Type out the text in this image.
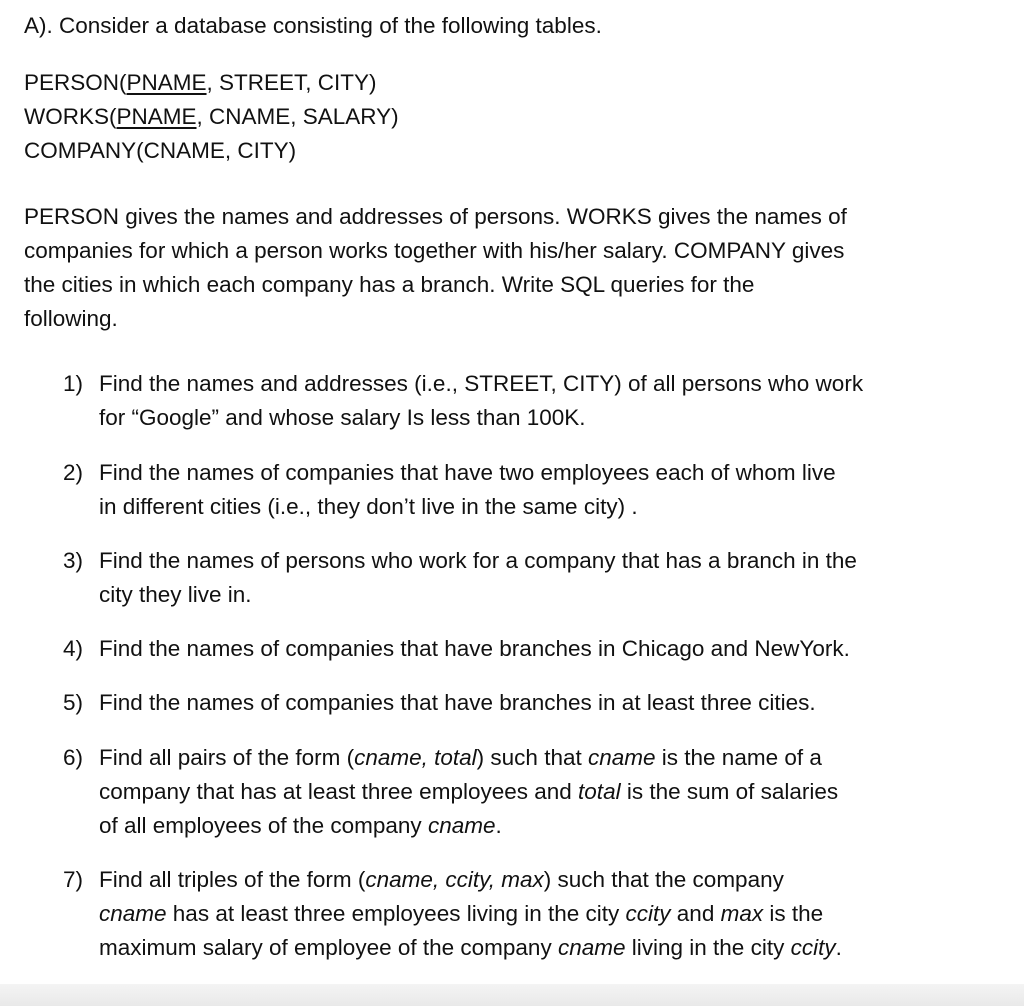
A). Consider a database consisting of the following tables.
PERSON(PNAME, STREET, CITY)
WORKS(PNAME, CNAME, SALARY)
COMPANY(CNAME, CITY)
PERSON gives the names and addresses of persons. WORKS gives the names of
companies for which a person works together with his/her salary. COMPANY gives
the cities in which each company has a branch. Write SQL queries for the
following.
1) Find the names and addresses (i.e., STREET, CITY) of all persons who work
for “Google” and whose salary Is less than 100K.
2) Find the names of companies that have two employees each of whom live
in different cities (i.e., they don’t live in the same city) .
3) Find the names of persons who work for a company that has a branch in the
city they live in.
4) Find the names of companies that have branches in Chicago and NewYork.
5) Find the names of companies that have branches in at least three cities.
6) Find all pairs of the form (cname, total) such that cname is the name of a
company that has at least three employees and total is the sum of salaries
of all employees of the company cname.
7) Find all triples of the form (cname, ccity, max) such that the company
cname has at least three employees living in the city ccity and max is the
maximum salary of employee of the company cname living in the city ccity.
